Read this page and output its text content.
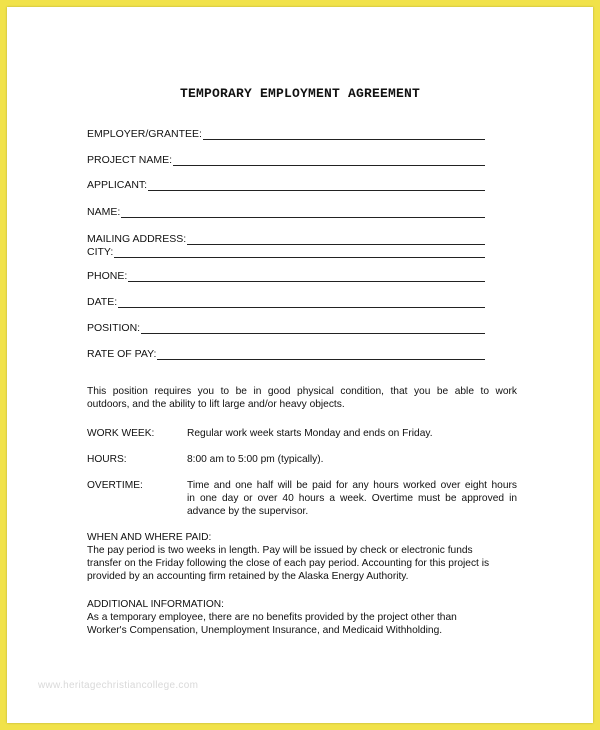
TEMPORARY EMPLOYMENT AGREEMENT
EMPLOYER/GRANTEE:
PROJECT NAME:
APPLICANT:
NAME:
MAILING ADDRESS:
CITY:
PHONE:
DATE:
POSITION:
RATE OF PAY:
This position requires you to be in good physical condition, that you be able to work
outdoors, and the ability to lift large and/or heavy objects.
WORK WEEK:	Regular work week starts Monday and ends on Friday.
HOURS:	8:00 am to 5:00 pm (typically).
OVERTIME:	Time and one half will be paid for any hours worked over eight hours
in one day or over 40 hours a week. Overtime must be approved in
advance by the supervisor.
WHEN AND WHERE PAID:
The pay period is two weeks in length. Pay will be issued by check or electronic funds
transfer on the Friday following the close of each pay period. Accounting for this project is
provided by an accounting firm retained by the Alaska Energy Authority.
ADDITIONAL INFORMATION:
As a temporary employee, there are no benefits provided by the project other than
Worker's Compensation, Unemployment Insurance, and Medicaid Withholding.
www.heritagechristiancollege.com
